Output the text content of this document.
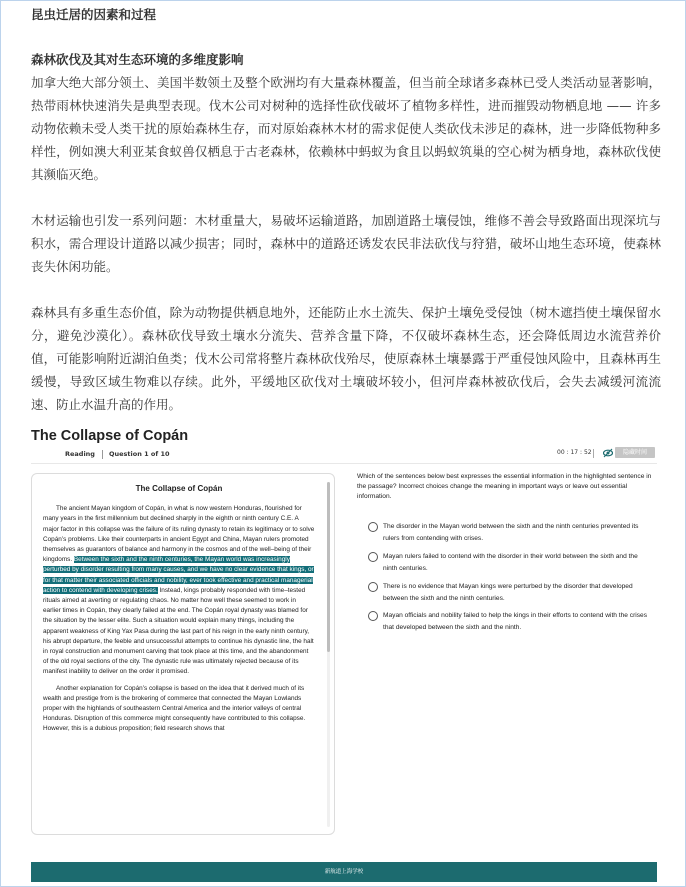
昆虫迁居的因素和过程
森林砍伐及其对生态环境的多维度影响

加拿大绝大部分领土、美国半数领土及整个欧洲均有大量森林覆盖，但当前全球诸多森林已受人类活动显著影响，热带雨林快速消失是典型表现。伐木公司对树种的选择性砍伐破坏了植物多样性，进而摧毁动物栖息地 —— 许多动物依赖未受人类干扰的原始森林生存，而对原始森林木材的需求促使人类砍伐未涉足的森林，进一步降低物种多样性，例如澳大利亚某食蚁兽仅栖息于古老森林，依赖林中蚂蚁为食且以蚂蚁筑巢的空心树为栖身地，森林砍伐使其濒临灭绝。

木材运输也引发一系列问题：木材重量大，易破坏运输道路，加剧道路土壤侵蚀，维修不善会导致路面出现深坑与积水，需合理设计道路以减少损害；同时，森林中的道路还诱发农民非法砍伐与狩猎，破坏山地生态环境，使森林丧失休闲功能。

森林具有多重生态价值，除为动物提供栖息地外，还能防止水土流失、保护土壤免受侵蚀（树木遮挡使土壤保留水分，避免沙漠化）。森林砍伐导致土壤水分流失、营养含量下降，不仅破坏森林生态，还会降低周边水流营养价值，可能影响附近湖泊鱼类；伐木公司常将整片森林砍伐殆尽，使原森林土壤暴露于严重侵蚀风险中，且森林再生缓慢，导致区域生物难以存续。此外，平缓地区砍伐对土壤破坏较小，但河岸森林被砍伐后，会失去减缓河流流速、防止水温升高的作用。

The Collapse of Copán
Reading Question 1 of 10	00 : 17 : 52	隐藏时间
The Collapse of Copán

The ancient Mayan kingdom of Copán, in what is now western Honduras, flourished for many years in the first millennium but declined sharply in the eighth or ninth century C.E. A major factor in this collapse was the failure of its ruling dynasty to retain its legitimacy or to solve Copán’s problems. Like their counterparts in ancient Egypt and China, Mayan rulers promoted themselves as guarantors of balance and harmony in the cosmos and of the well–being of their kingdoms. Between the sixth and the ninth centuries, the Mayan world was increasingly perturbed by disorder resulting from many causes, and we have no clear evidence that kings, or for that matter their associated officials and nobility, ever took effective and practical managerial action to contend with developing crises. Instead, kings probably responded with time–tested rituals aimed at averting or regulating chaos. No matter how well these seemed to work in earlier times in Copán, they clearly failed at the end. The Copán royal dynasty was blamed for the situation by the lesser elite. Such a situation would explain many things, including the apparent weakness of King Yax Pasa during the last part of his reign in the early ninth century, his abrupt departure, the feeble and unsuccessful attempts to continue his dynastic line, the halt in royal construction and monument carving that took place at this time, and the abandonment of the old royal sections of the city. The dynastic rule was ultimately rejected because of its manifest inability to deliver on the order it promised.

Another explanation for Copán’s collapse is based on the idea that it derived much of its wealth and prestige from is the brokering of commerce that connected the Mayan Lowlands proper with the highlands of southeastern Central America and the interior valleys of central Honduras. Disruption of this commerce might consequently have contributed to this collapse. However, this is a dubious proposition; field research shows that

Which of the sentences below best expresses the essential information in the highlighted sentence in the passage? Incorrect choices change the meaning in important ways or leave out essential information.
The disorder in the Mayan world between the sixth and the ninth centuries prevented its rulers from contending with crises.
Mayan rulers failed to contend with the disorder in their world between the sixth and the ninth centuries.
There is no evidence that Mayan kings were perturbed by the disorder that developed between the sixth and the ninth centuries.
Mayan officials and nobility failed to help the kings in their efforts to contend with the crises that developed between the sixth and the ninth.
新航道上海学校
